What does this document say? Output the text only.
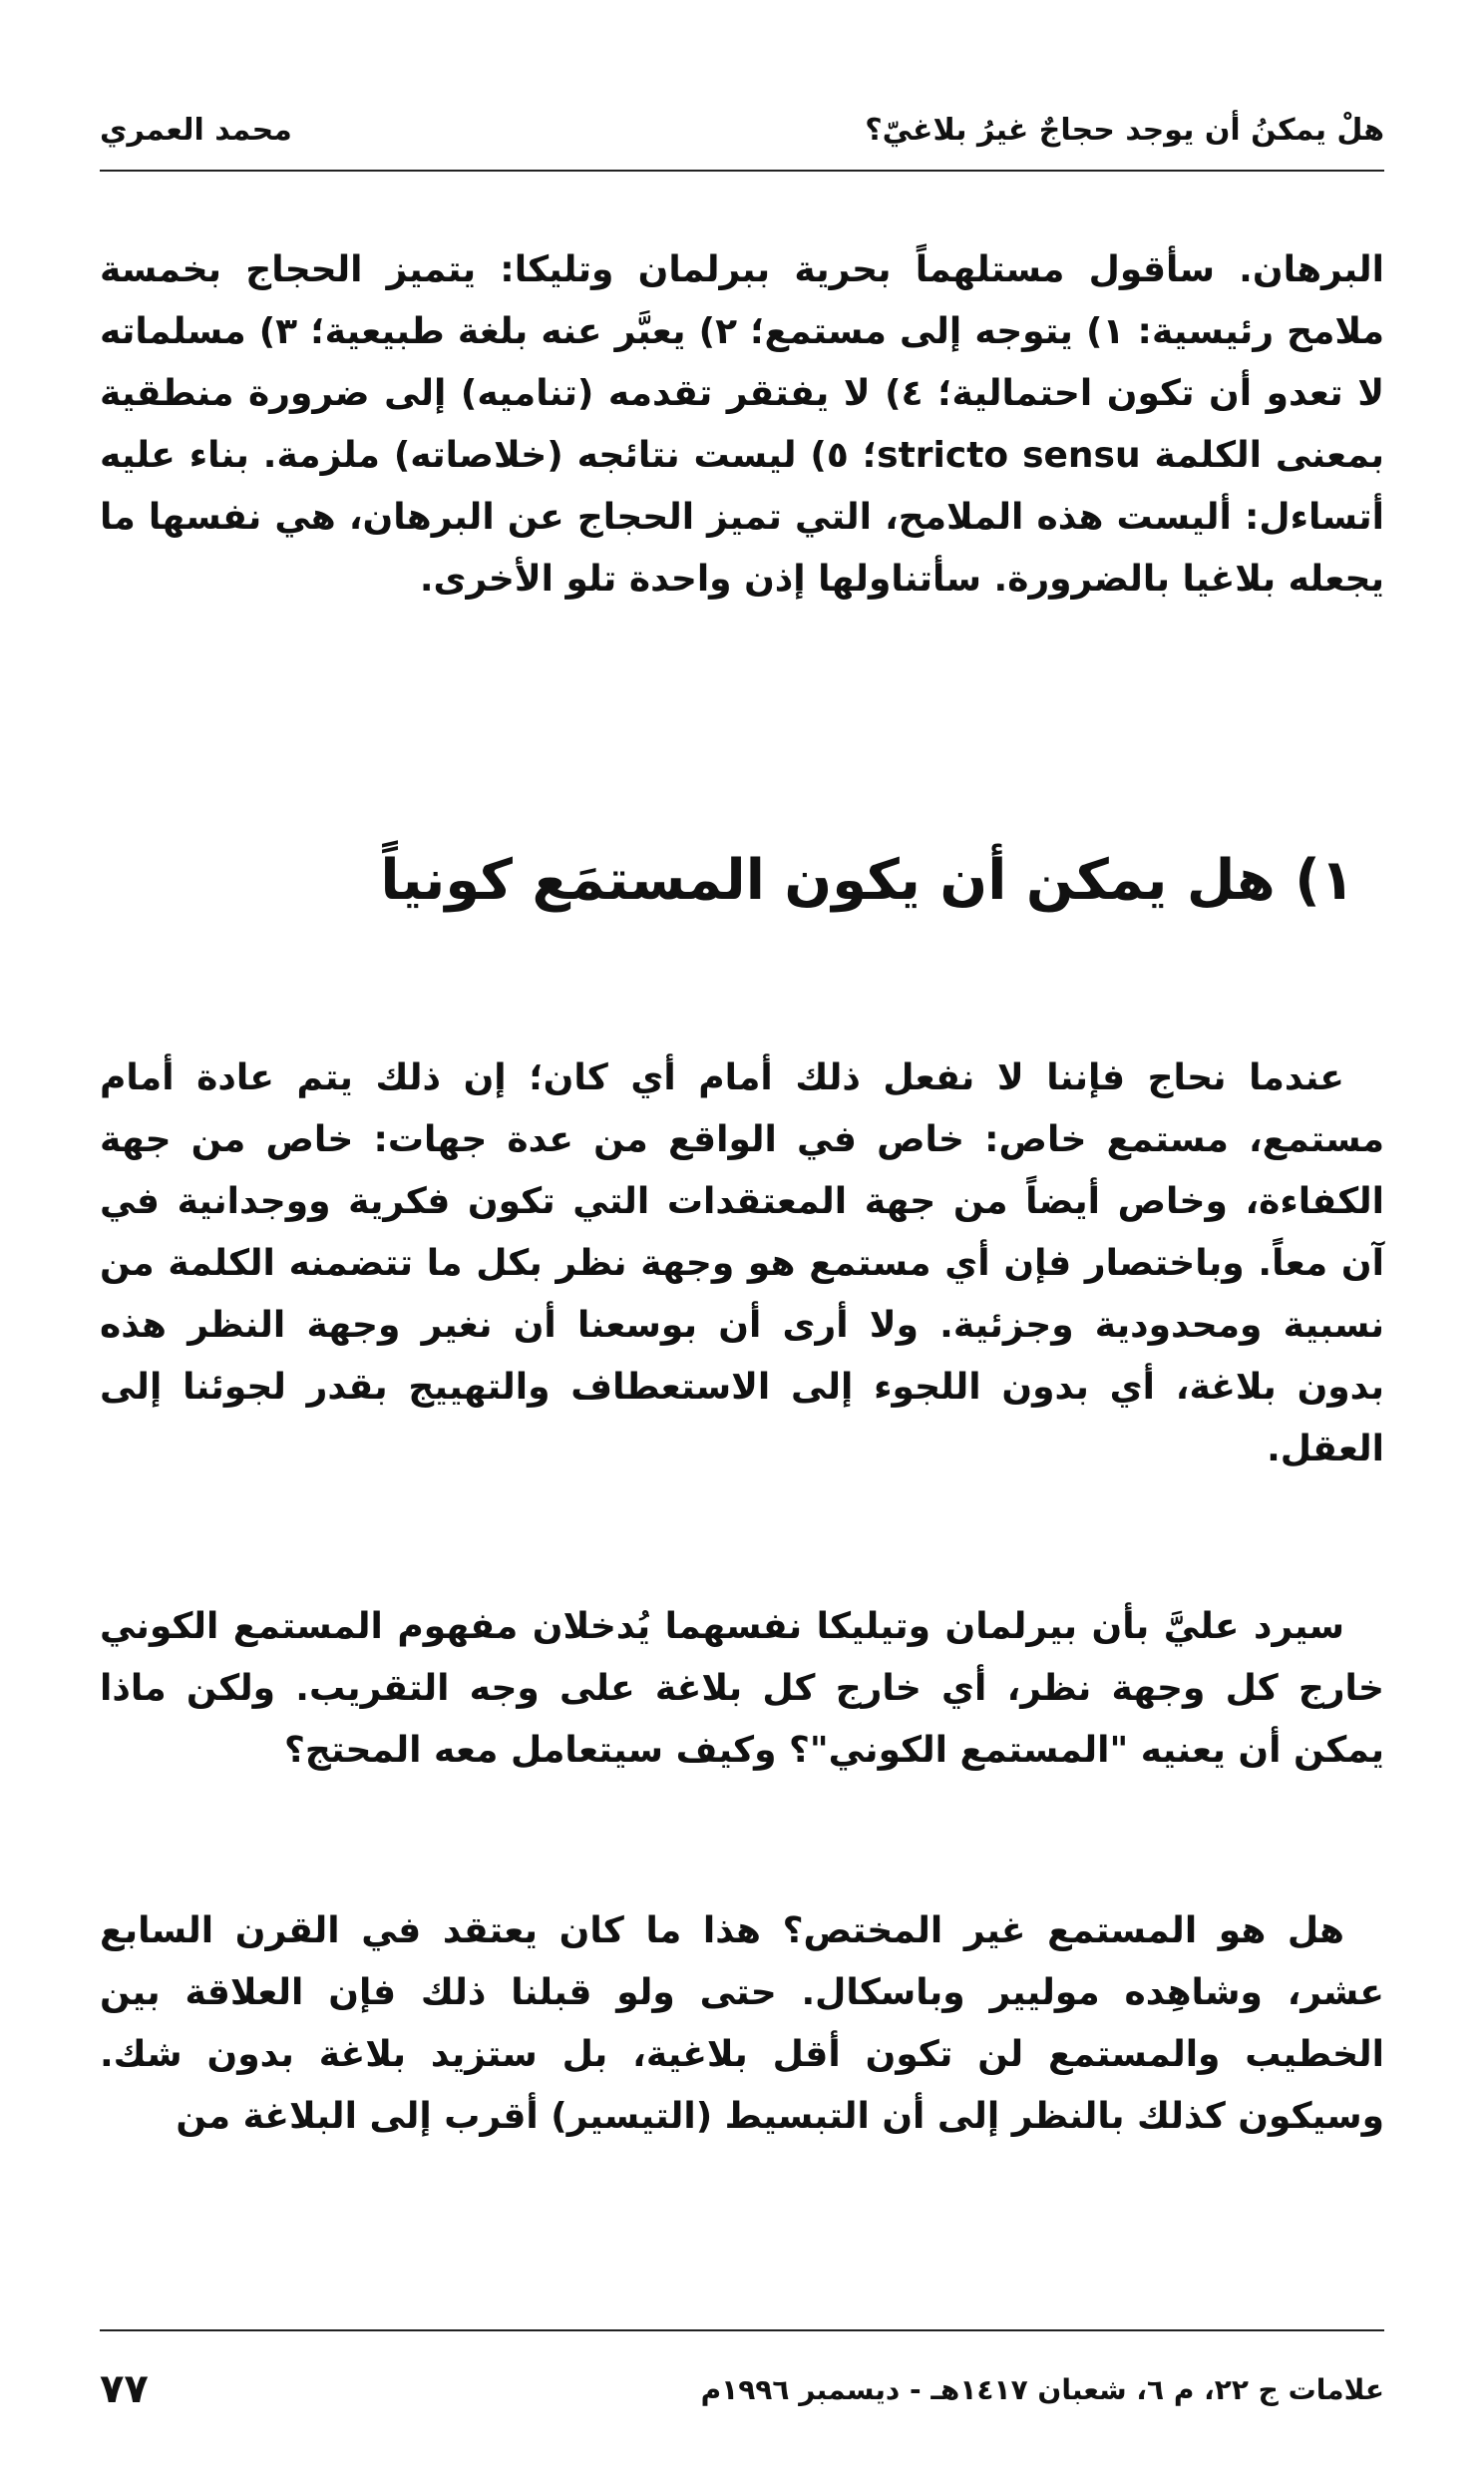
هلْ يمكنُ أن يوجد حجاجٌ غيرُ بلاغيّ؟
محمد العمري

البرهان. سأقول مستلهماً بحرية ببرلمان وتليكا: يتميز الحجاج بخمسة ملامح رئيسية: ١) يتوجه إلى مستمع؛ ٢) يعبَّر عنه بلغة طبيعية؛ ٣) مسلماته لا تعدو أن تكون احتمالية؛ ٤) لا يفتقر تقدمه (تناميه) إلى ضرورة منطقية بمعنى الكلمة stricto sensu؛ ٥) ليست نتائجه (خلاصاته) ملزمة. بناء عليه أتساءل: أليست هذه الملامح، التي تميز الحجاج عن البرهان، هي نفسها ما يجعله بلاغيا بالضرورة. سأتناولها إذن واحدة تلو الأخرى.

١) هل يمكن أن يكون المستمَع كونياً

عندما نحاج فإننا لا نفعل ذلك أمام أي كان؛ إن ذلك يتم عادة أمام مستمع، مستمع خاص: خاص في الواقع من عدة جهات: خاص من جهة الكفاءة، وخاص أيضاً من جهة المعتقدات التي تكون فكرية ووجدانية في آن معاً. وباختصار فإن أي مستمع هو وجهة نظر بكل ما تتضمنه الكلمة من نسبية ومحدودية وجزئية. ولا أرى أن بوسعنا أن نغير وجهة النظر هذه بدون بلاغة، أي بدون اللجوء إلى الاستعطاف والتهييج بقدر لجوئنا إلى العقل.

سيرد عليَّ بأن بيرلمان وتيليكا نفسهما يُدخلان مفهوم المستمع الكوني خارج كل وجهة نظر، أي خارج كل بلاغة على وجه التقريب. ولكن ماذا يمكن أن يعنيه "المستمع الكوني"؟ وكيف سيتعامل معه المحتج؟

هل هو المستمع غير المختص؟ هذا ما كان يعتقد في القرن السابع عشر، وشاهِده موليير وباسكال. حتى ولو قبلنا ذلك فإن العلاقة بين الخطيب والمستمع لن تكون أقل بلاغية، بل ستزيد بلاغة بدون شك. وسيكون كذلك بالنظر إلى أن التبسيط (التيسير) أقرب إلى البلاغة من

علامات ج ٢٢، م ٦، شعبان ١٤١٧هـ - ديسمبر ١٩٩٦م
٧٧
